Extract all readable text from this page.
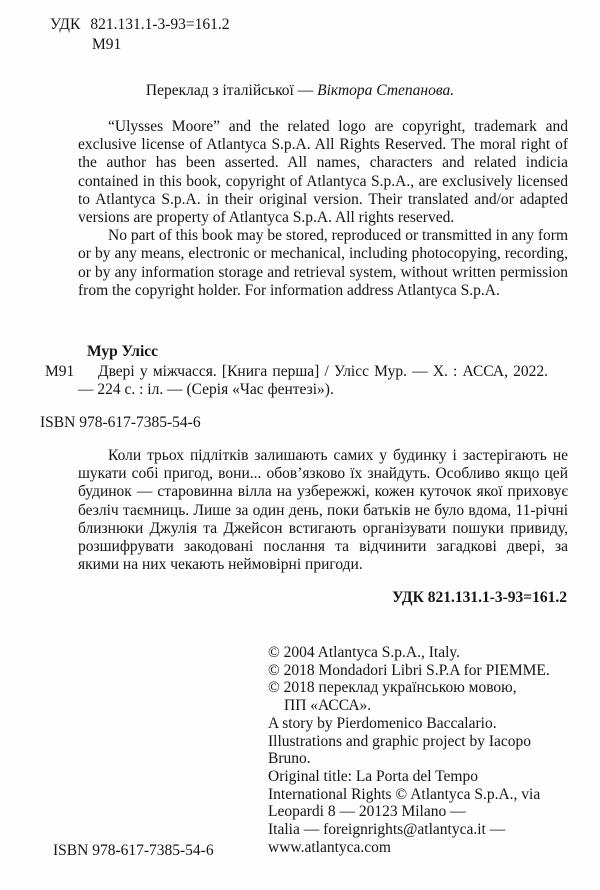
УДК 821.131.1-3-93=161.2
М91
Переклад з італійської — Віктора Степанова.

“Ulysses Moore” and the related logo are copyright, trademark and exclusive license of Atlantyca S.p.A. All Rights Reserved. The moral right of the author has been asserted. All names, characters and related indicia contained in this book, copyright of Atlantyca S.p.A., are exclusively licensed to Atlantyca S.p.A. in their original version. Their translated and/or adapted versions are property of Atlantyca S.p.A. All rights reserved.

No part of this book may be stored, reproduced or transmitted in any form or by any means, electronic or mechanical, including photocopying, recording, or by any information storage and retrieval system, without written permission from the copyright holder. For information address Atlantyca S.p.A.

Мур Улісс
М91	Двері у міжчасся. [Книга перша] / Улісс Мур. — Х. : АССА, 2022. — 224 с. : іл. — (Серія «Час фентезі»).

ISBN 978-617-7385-54-6

Коли трьох підлітків залишають самих у будинку і застерігають не шукати собі пригод, вони... обов’язково їх знайдуть. Особливо якщо цей будинок — старовинна вілла на узбережжі, кожен куточок якої приховує безліч таємниць. Лише за один день, поки батьків не було вдома, 11-річні близнюки Джулія та Джейсон встигають організувати пошуки привиду, розшифрувати закодовані послання та відчинити загадкові двері, за якими на них чекають неймовірні пригоди.

УДК 821.131.1-3-93=161.2
© 2004 Atlantyca S.p.A., Italy.
© 2018 Mondadori Libri S.P.A for PIEMME.
© 2018 переклад українською мовою,
ПП «АССА».
A story by Pierdomenico Baccalario.
Illustrations and graphic project by Iacopo
Bruno.
Original title: La Porta del Tempo
International Rights © Atlantyca S.p.A., via
Leopardi 8 — 20123 Milano —
Italia — foreignrights@atlantyca.it —
www.atlantyca.com
ISBN 978-617-7385-54-6
